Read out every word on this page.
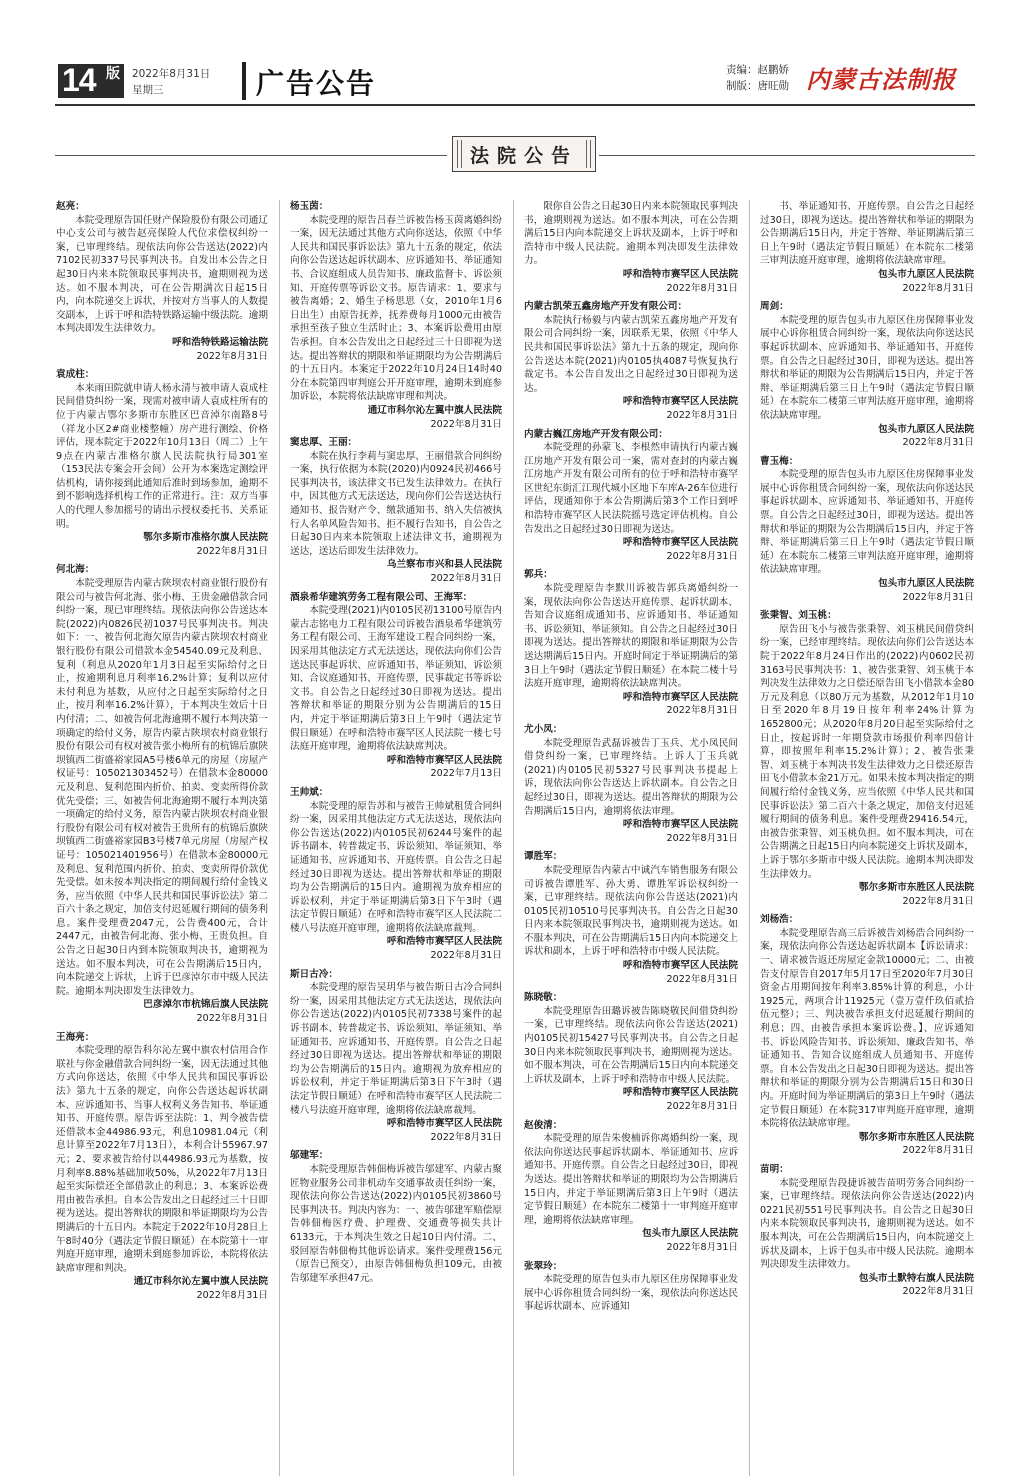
14 版 2022年8月31日
星期三	广告公告	责编：赵鹏娇
制版：唐旺勋 内蒙古法制报
法院公告

赵亮：

本院受理原告国任财产保险股份有限公司通辽中心支公司与被告赵亮保险人代位求偿权纠纷一案，已审理终结。现依法向你公告送达(2022)内7102民初337号民事判决书。自发出本公告之日起30日内来本院领取民事判决书，逾期则视为送达。如不服本判决，可在公告期满次日起15日内，向本院递交上诉状，并按对方当事人的人数提交副本，上诉于呼和浩特铁路运输中级法院。逾期本判决即发生法律效力。

呼和浩特铁路运输法院

2022年8月31日

袁成柱：

本来雨田院就申请人杨永清与被申请人袁成柱民间借贷纠纷一案，现需对被申请人袁成柱所有的位于内蒙古鄂尔多斯市东胜区巴音淖尔南路8号（祥龙小区2#商业楼整幢）房产进行测绘、价格评估，现本院定于2022年10月13日（周二）上午9点在内蒙古准格尔旗人民法院执行局301室（153民法专案会开会间）公开为本案选定测绘评估机构，请你接到此通知后准时到场参加，逾期不到不影响选择机构工作的正常进行。注：双方当事人的代理人参加摇号的请出示授权委托书、关系证明。

鄂尔多斯市准格尔旗人民法院

2022年8月31日

何北海：

本院受理原告内蒙古陕坝农村商业银行股份有限公司与被告何北海、张小梅、王贵金融借款合同纠纷一案，现已审理终结。现依法向你公告送达本院(2022)内0826民初1037号民事判决书。判决如下：一、被告何北海欠原告内蒙古陕坝农村商业银行股份有限公司借款本金54540.09元及利息、复利（利息从2020年1月3日起至实际给付之日止，按逾期利息月利率16.2%计算；复利以应付未付利息为基数，从应付之日起至实际给付之日止，按月利率16.2%计算），于本判决生效后十日内付清；二、如被告何北海逾期不履行本判决第一项确定的给付义务，原告内蒙古陕坝农村商业银行股份有限公司有权对被告张小梅所有的杭锦后旗陕坝镇西二街盛裕家园A5号楼6单元的房屋（房屋产权证号：105021303452号）在借款本金80000元及利息、复利范围内折价、拍卖、变卖所得价款优先受偿；三、如被告何北海逾期不履行本判决第一项确定的给付义务，原告内蒙古陕坝农村商业银行股份有限公司有权对被告王贵所有的杭锦后旗陕坝镇西二街盛裕家园B3号楼7单元房屋（房屋产权证号：105021401956号）在借款本金80000元及利息、复利范围内折价、拍卖、变卖所得价款优先受偿。如未按本判决指定的期间履行给付金钱义务，应当依照《中华人民共和国民事诉讼法》第二百六十条之规定，加倍支付迟延履行期间的债务利息。案件受理费2047元，公告费400元，合计2447元，由被告何北海、张小梅、王贵负担。自公告之日起30日内到本院领取判决书，逾期视为送达。如不服本判决，可在公告期满后15日内，向本院递交上诉状，上诉于巴彦淖尔市中级人民法院。逾期本判决即发生法律效力。

巴彦淖尔市杭锦后旗人民法院

2022年8月31日

王海亮：

本院受理的原告科尔沁左翼中旗农村信用合作联社与你金融借款合同纠纷一案，因无法通过其他方式向你送达，依照《中华人民共和国民事诉讼法》第九十五条的规定，向你公告送达起诉状副本、应诉通知书、当事人权利义务告知书、举证通知书、开庭传票。原告诉至法院：1、判令被告偿还借款本金44986.93元，利息10981.04元（利息计算至2022年7月13日），本利合计55967.97元；2、要求被告给付以44986.93元为基数，按月利率8.88%基础加收50%，从2022年7月13日起至实际偿还全部借款止的利息；3、本案诉讼费用由被告承担。自本公告发出之日起经过三十日即视为送达。提出答辩状的期限和举证期限均为公告期满后的十五日内。本院定于2022年10月28日上午8时40分（遇法定节假日顺延）在本院第十一审判庭开庭审理，逾期未到庭参加诉讼，本院将依法缺席审理和判决。

通辽市科尔沁左翼中旗人民法院

2022年8月31日

杨玉茵：

本院受理的原告吕春兰诉被告杨玉茵离婚纠纷一案，因无法通过其他方式向你送达，依照《中华人民共和国民事诉讼法》第九十五条的规定，依法向你公告送达起诉状副本、应诉通知书、举证通知书、合议庭组成人员告知书、廉政监督卡、诉讼须知、开庭传票等诉讼文书。原告请求：1、要求与被告离婚；2、婚生子杨思思（女，2010年1月6日出生）由原告抚养，抚养费每月1000元由被告承担至孩子独立生活时止；3、本案诉讼费用由原告承担。自本公告发出之日起经过三十日即视为送达。提出答辩状的期限和举证期限均为公告期满后的十五日内。本案定于2022年10月24日14时40分在本院第四审判庭公开开庭审理，逾期未到庭参加诉讼，本院将依法缺席审理和判决。

通辽市科尔沁左翼中旗人民法院

2022年8月31日

窦忠厚、王丽：

本院在执行李莉与窦忠厚、王丽借款合同纠纷一案，执行依据为本院(2020)内0924民初466号民事判决书，该法律文书已发生法律效力。在执行中，因其他方式无法送达，现向你们公告送达执行通知书、报告财产令、缴款通知书、纳入失信被执行人名单风险告知书、拒不履行告知书，自公告之日起30日内来本院领取上述法律文书，逾期视为送达，送达后即发生法律效力。

乌兰察布市兴和县人民法院

2022年8月31日

酒泉希华建筑劳务工程有限公司、王海军：

本院受理(2021)内0105民初13100号原告内蒙古志铭电力工程有限公司诉被告酒泉希华建筑劳务工程有限公司、王海军建设工程合同纠纷一案，因采用其他法定方式无法送达，现依法向你们公告送达民事起诉状、应诉通知书、举证须知、诉讼须知、合议庭通知书、开庭传票，民事裁定书等诉讼文书。自公告之日起经过30日即视为送达。提出答辩状和举证的期限分别为公告期满后的15日内，并定于举证期满后第3日上午9时（遇法定节假日顺延）在呼和浩特市赛罕区人民法院一楼七号法庭开庭审理，逾期将依法缺席判决。

呼和浩特市赛罕区人民法院

2022年7月13日

王帅斌：

本院受理的原告苏和与被告王帅斌租赁合同纠纷一案，因采用其他法定方式无法送达，现依法向你公告送达(2022)内0105民初6244号案件的起诉书副本、转普裁定书、诉讼须知、举证须知、举证通知书、应诉通知书、开庭传票。自公告之日起经过30日即视为送达。提出答辩状和举证的期限均为公告期满后的15日内。逾期视为放弃相应的诉讼权利，并定于举证期满后第3日下午3时（遇法定节假日顺延）在呼和浩特市赛罕区人民法院二楼八号法庭开庭审理，逾期将依法缺席裁判。

呼和浩特市赛罕区人民法院

2022年8月31日

斯日古冷：

本院受理的原告吴玥华与被告斯日古冷合同纠纷一案，因采用其他法定方式无法送达，现依法向你公告送达(2022)内0105民初7338号案件的起诉书副本、转普裁定书、诉讼须知、举证须知、举证通知书、应诉通知书、开庭传票。自公告之日起经过30日即视为送达。提出答辩状和举证的期限均为公告期满后的15日内。逾期视为放弃相应的诉讼权利，并定于举证期满后第3日下午3时（遇法定节假日顺延）在呼和浩特市赛罕区人民法院二楼八号法庭开庭审理，逾期将依法缺席裁判。

呼和浩特市赛罕区人民法院

2022年8月31日

邬建军：

本院受理原告韩佃梅诉被告邬建军、内蒙古聚匠物业服务公司非机动车交通事故责任纠纷一案，现依法向你公告送达(2022)内0105民初3860号民事判决书。判决内容为：一、被告邬建军赔偿原告韩佃梅医疗费、护理费、交通费等损失共计6133元，于本判决生效之日起10日内付清。二、驳回原告韩佃梅其他诉讼请求。案件受理费156元（原告已预交），由原告韩佃梅负担109元，由被告邬建军承担47元。

限你自公告之日起30日内来本院领取民事判决书，逾期则视为送达。如不服本判决，可在公告期满后15日内向本院递交上诉状及副本，上诉于呼和浩特市中级人民法院。逾期本判决即发生法律效力。

呼和浩特市赛罕区人民法院

2022年8月31日

内蒙古凯荣五鑫房地产开发有限公司：

本院执行杨毅与内蒙古凯荣五鑫房地产开发有限公司合同纠纷一案，因联系无果，依照《中华人民共和国民事诉讼法》第九十五条的规定，现向你公告送达本院(2021)内0105执4087号恢复执行裁定书。本公告自发出之日起经过30日即视为送达。

呼和浩特市赛罕区人民法院

2022年8月31日

内蒙古巍江房地产开发有限公司：

本院受理的孙蒙飞、李根然申请执行内蒙古巍江房地产开发有限公司一案，需对查封的内蒙古巍江房地产开发有限公司所有的位于呼和浩特市赛罕区世纪东街汇江现代城小区地下车库A-26车位进行评估，现通知你于本公告期满后第3个工作日到呼和浩特市赛罕区人民法院摇号选定评估机构。自公告发出之日起经过30日即视为送达。

呼和浩特市赛罕区人民法院

2022年8月31日

郭兵：

本院受理原告李默川诉被告郭兵离婚纠纷一案，现依法向你公告送达开庭传票、起诉状副本、告知合议庭组成通知书、应诉通知书、举证通知书、诉讼须知、举证须知。自公告之日起经过30日即视为送达。提出答辩状的期限和举证期限为公告送达期满后15日内。开庭时间定于举证期满后的第3日上午9时（遇法定节假日顺延）在本院二楼十号法庭开庭审理，逾期将依法缺席判决。

呼和浩特市赛罕区人民法院

2022年8月31日

尤小凤：

本院受理原告武磊诉被告丁玉兵、尤小凤民间借贷纠纷一案，已审理终结。上诉人丁玉兵就(2021)内0105民初5327号民事判决书提起上诉，现依法向你公告送达上诉状副本。自公告之日起经过30日，即视为送达。提出答辩状的期限为公告期满后15日内，逾期将依法审理。

呼和浩特市赛罕区人民法院

2022年8月31日

谭胜军：

本院受理原告内蒙古中诚汽车销售服务有限公司诉被告谭胜军、孙大勇、谭胜军诉讼权纠纷一案，已审理终结。现依法向你公告送达(2021)内0105民初10510号民事判决书。自公告之日起30日内来本院领取民事判决书，逾期则视为送达。如不服本判决，可在公告期满后15日内向本院递交上诉状和副本，上诉于呼和浩特市中级人民法院。

呼和浩特市赛罕区人民法院

2022年8月31日

陈晓敬：

本院受理原告田璐诉被告陈晓敬民间借贷纠纷一案，已审理终结。现依法向你公告送达(2021)内0105民初15427号民事判决书。自公告之日起30日内来本院领取民事判决书，逾期则视为送达。如不服本判决，可在公告期满后15日内向本院递交上诉状及副本，上诉于呼和浩特市中级人民法院。

呼和浩特市赛罕区人民法院

2022年8月31日

赵俊清：

本院受理的原告朱俊楠诉你离婚纠纷一案，现依法向你送达民事起诉状副本、举证通知书、应诉通知书、开庭传票。自公告之日起经过30日，即视为送达。提出答辩状和举证的期限均为公告期满后15日内，并定于举证期满后第3日上午9时（遇法定节假日顺延）在本院东二楼第十一审判庭开庭审理，逾期将依法缺席审理。

包头市九原区人民法院

2022年8月31日

张翠玲：

本院受理的原告包头市九原区住房保障事业发展中心诉你租赁合同纠纷一案，现依法向你送达民事起诉状副本、应诉通知

书、举证通知书、开庭传票。自公告之日起经过30日，即视为送达。提出答辩状和举证的期限为公告期满后15日内，并定于答辩、举证期满后第三日上午9时（遇法定节假日顺延）在本院东二楼第三审判法庭开庭审理，逾期将依法缺席审理。

包头市九原区人民法院

2022年8月31日

周剑：

本院受理的原告包头市九原区住房保障事业发展中心诉你租赁合同纠纷一案，现依法向你送达民事起诉状副本、应诉通知书、举证通知书、开庭传票。自公告之日起经过30日，即视为送达。提出答辩状和举证的期限为公告期满后15日内，并定于答辩、举证期满后第三日上午9时（遇法定节假日顺延）在本院东二楼第三审判法庭开庭审理，逾期将依法缺席审理。

包头市九原区人民法院

2022年8月31日

曹玉梅：

本院受理的原告包头市九原区住房保障事业发展中心诉你租赁合同纠纷一案，现依法向你送达民事起诉状副本、应诉通知书、举证通知书、开庭传票。自公告之日起经过30日，即视为送达。提出答辩状和举证的期限为公告期满后15日内，并定于答辩、举证期满后第三日上午9时（遇法定节假日顺延）在本院东二楼第三审判法庭开庭审理，逾期将依法缺席审理。

包头市九原区人民法院

2022年8月31日

张秉智、刘玉桃：

原告田飞小与被告张秉智、刘玉桃民间借贷纠纷一案，已经审理终结。现依法向你们公告送达本院于2022年8月24日作出的(2022)内0602民初3163号民事判决书：1、被告张秉智、刘玉桃于本判决发生法律效力之日偿还原告田飞小借款本金80万元及利息（以80万元为基数，从2012年1月10日至2020年8月19日按年利率24%计算为1652800元；从2020年8月20日起至实际给付之日止，按起诉时一年期贷款市场报价利率四倍计算，即按照年利率15.2%计算）；2、被告张秉智、刘玉桃于本判决书发生法律效力之日偿还原告田飞小借款本金21万元。如果未按本判决指定的期间履行给付金钱义务，应当依照《中华人民共和国民事诉讼法》第二百六十条之规定，加倍支付迟延履行期间的债务利息。案件受理费29416.54元，由被告张秉智、刘玉桃负担。如不服本判决，可在公告期满之日起15日内向本院递交上诉状及副本，上诉于鄂尔多斯市中级人民法院。逾期本判决即发生法律效力。

鄂尔多斯市东胜区人民法院

2022年8月31日

刘杨浩：

本院受理原告高三后诉被告刘杨浩合同纠纷一案，现依法向你公告送达起诉状副本【诉讼请求：一、请求被告返还房屋定金款10000元；二、由被告支付原告自2017年5月17日至2020年7月30日资金占用期间按年利率3.85%计算的利息，小计1925元，两项合计11925元（壹万壹仟玖佰贰拾伍元整）；三、判决被告承担支付迟延履行期间的利息；四、由被告承担本案诉讼费。】、应诉通知书、诉讼风险告知书、诉讼须知、廉政告知书、举证通知书、告知合议庭组成人员通知书、开庭传票。自本公告发出之日起30日即视为送达。提出答辩状和举证的期限分别为公告期满后15日和30日内。开庭时间为举证期满后的第3日上午9时（遇法定节假日顺延）在本院317审判庭开庭审理，逾期本院将依法缺席审理。

鄂尔多斯市东胜区人民法院

2022年8月31日

苗明：

本院受理原告段捷诉被告苗明劳务合同纠纷一案，已审理终结。现依法向你公告送达(2022)内0221民初551号民事判决书。自公告之日起30日内来本院领取民事判决书，逾期则视为送达。如不服本判决，可在公告期满后15日内，向本院递交上诉状及副本，上诉于包头市中级人民法院。逾期本判决即发生法律效力。

包头市土默特右旗人民法院

2022年8月31日
